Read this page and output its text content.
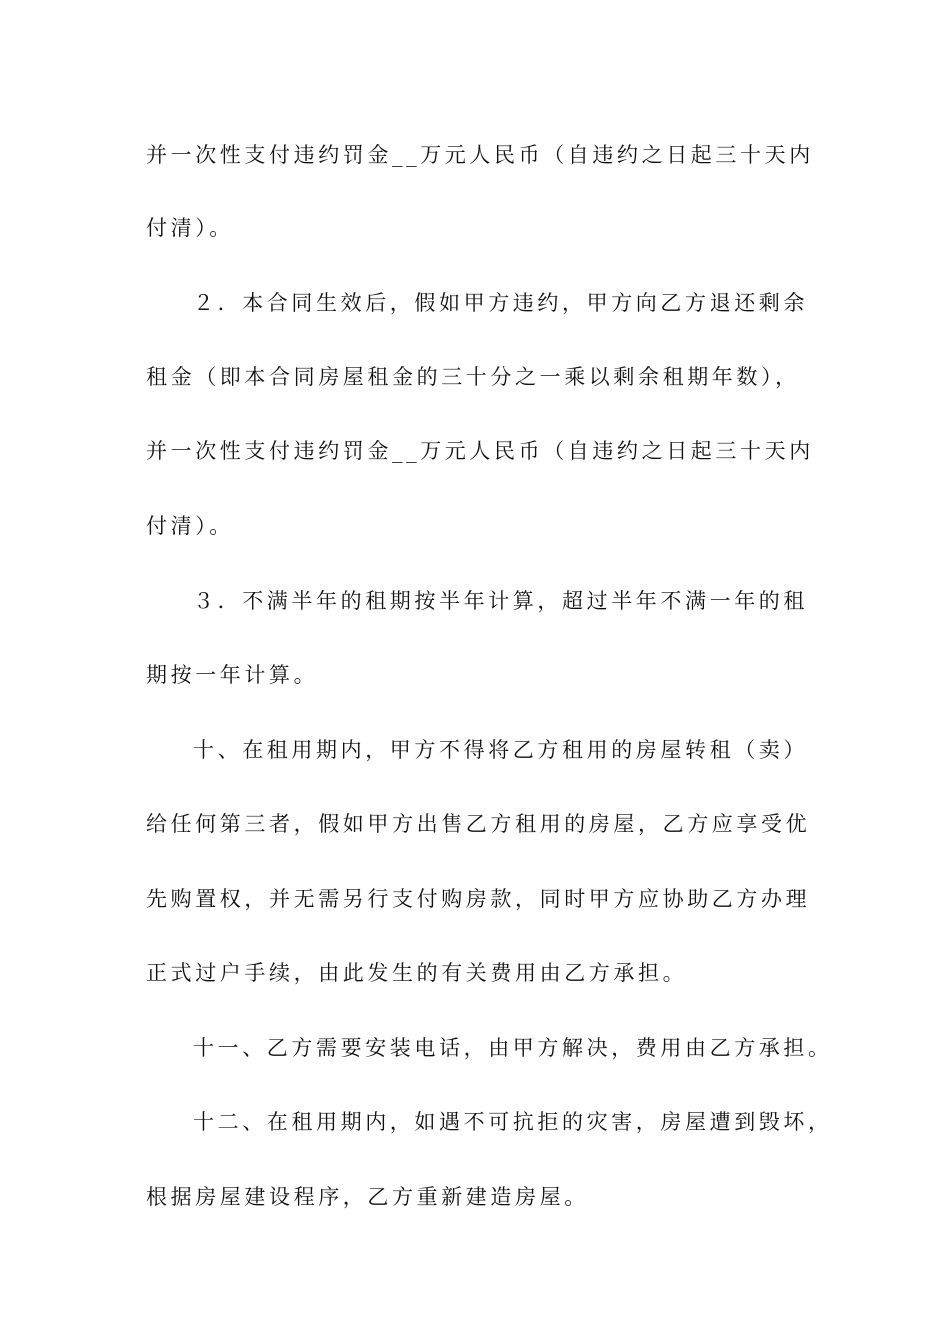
并一次性支付违约罚金__万元人民币（自违约之日起三十天内
付清）。
２．本合同生效后，假如甲方违约，甲方向乙方退还剩余
租金（即本合同房屋租金的三十分之一乘以剩余租期年数），
并一次性支付违约罚金__万元人民币（自违约之日起三十天内
付清）。
３．不满半年的租期按半年计算，超过半年不满一年的租
期按一年计算。
十、在租用期内，甲方不得将乙方租用的房屋转租（卖）
给任何第三者，假如甲方出售乙方租用的房屋，乙方应享受优
先购置权，并无需另行支付购房款，同时甲方应协助乙方办理
正式过户手续，由此发生的有关费用由乙方承担。
十一、乙方需要安装电话，由甲方解决，费用由乙方承担。
十二、在租用期内，如遇不可抗拒的灾害，房屋遭到毁坏，
根据房屋建设程序，乙方重新建造房屋。
